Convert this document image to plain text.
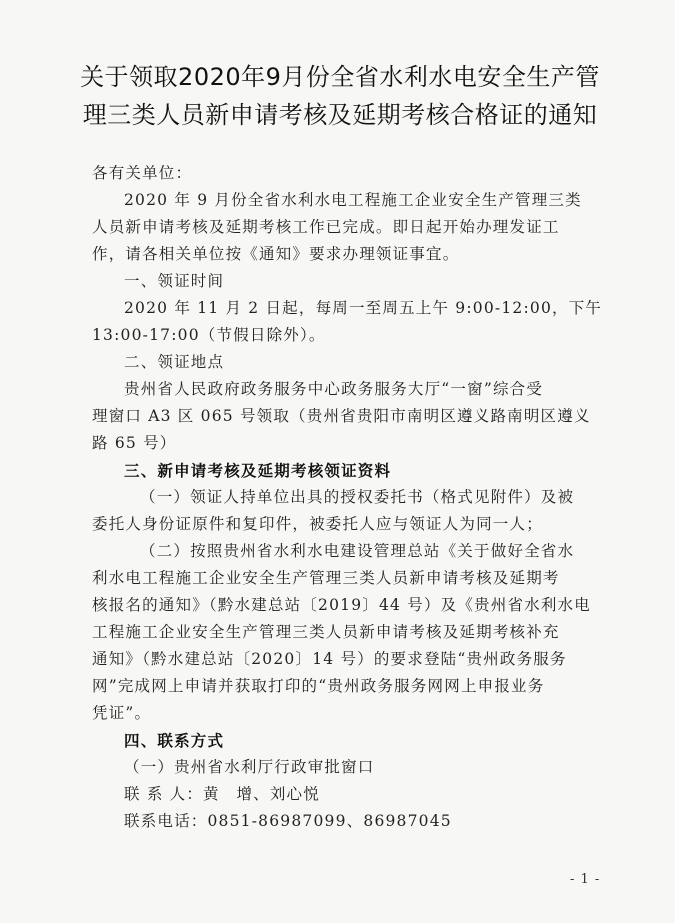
关于领取2020年9月份全省水利水电安全生产管
理三类人员新申请考核及延期考核合格证的通知

各有关单位：

2020 年 9 月份全省水利水电工程施工企业安全生产管理三类

人员新申请考核及延期考核工作已完成。即日起开始办理发证工

作，请各相关单位按《通知》要求办理领证事宜。

一、领证时间

2020 年 11 月 2 日起，每周一至周五上午 9:00-12:00，下午

13:00-17:00（节假日除外）。

二、领证地点

贵州省人民政府政务服务中心政务服务大厅“一窗”综合受

理窗口 A3 区 065 号领取（贵州省贵阳市南明区遵义路南明区遵义

路 65 号）

三、新申请考核及延期考核领证资料

（一）领证人持单位出具的授权委托书（格式见附件）及被

委托人身份证原件和复印件，被委托人应与领证人为同一人；

（二）按照贵州省水利水电建设管理总站《关于做好全省水

利水电工程施工企业安全生产管理三类人员新申请考核及延期考

核报名的通知》（黔水建总站〔2019〕44 号）及《贵州省水利水电

工程施工企业安全生产管理三类人员新申请考核及延期考核补充

通知》（黔水建总站〔2020〕14 号）的要求登陆“贵州政务服务

网”完成网上申请并获取打印的“贵州政务服务网网上申报业务

凭证”。

四、联系方式

（一）贵州省水利厅行政审批窗口

联 系 人：黄　增、刘心悦

联系电话：0851-86987099、86987045

- 1 -
